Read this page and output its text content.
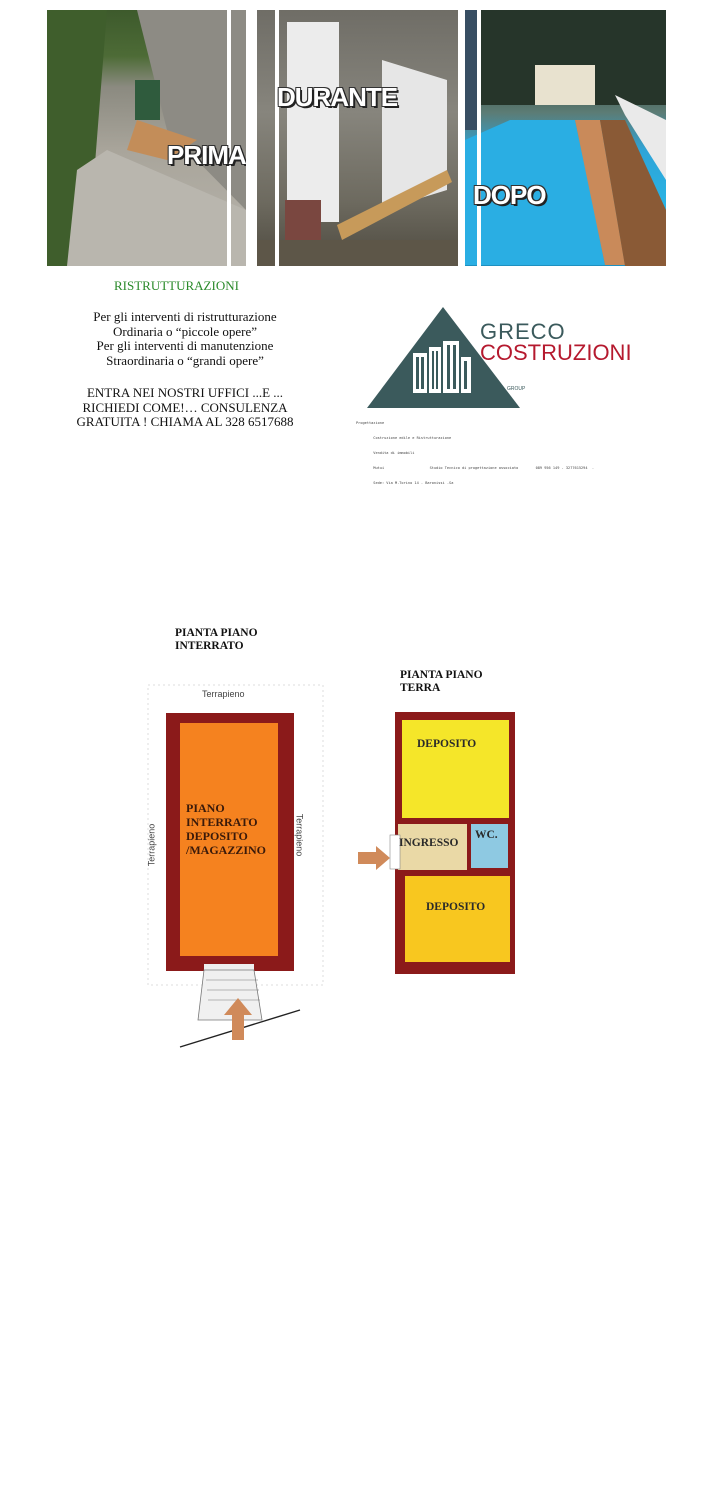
PRIMA
DURANTE
DOPO
RISTRUTTURAZIONI
Per gli interventi di ristrutturazione
Ordinaria o “piccole opere”
Per gli interventi di manutenzione
Straordinaria o “grandi opere”
ENTRA NEI NOSTRI UFFICI ...E ...
RICHIEDI COME!… CONSULENZA
GRATUITA ! CHIAMA AL 328 6517688
GRECO
COSTRUZIONI
GROUP

Progettazione

Costruzione edile e Ristrutturazione

Vendita di immobili

Mutui                     Studio Tecnico di progettazione associato        089 956 149 - 3277615294  -

Sede: Via M.Torino 14 - Baronissi -Sa

PIANTA PIANO
INTERRATO
Terrapieno
Terrapieno	Terrapieno
PIANO
INTERRATO
DEPOSITO
/MAGAZZINO
PIANTA PIANO
TERRA
DEPOSITO
INGRESSO
WC.
DEPOSITO
